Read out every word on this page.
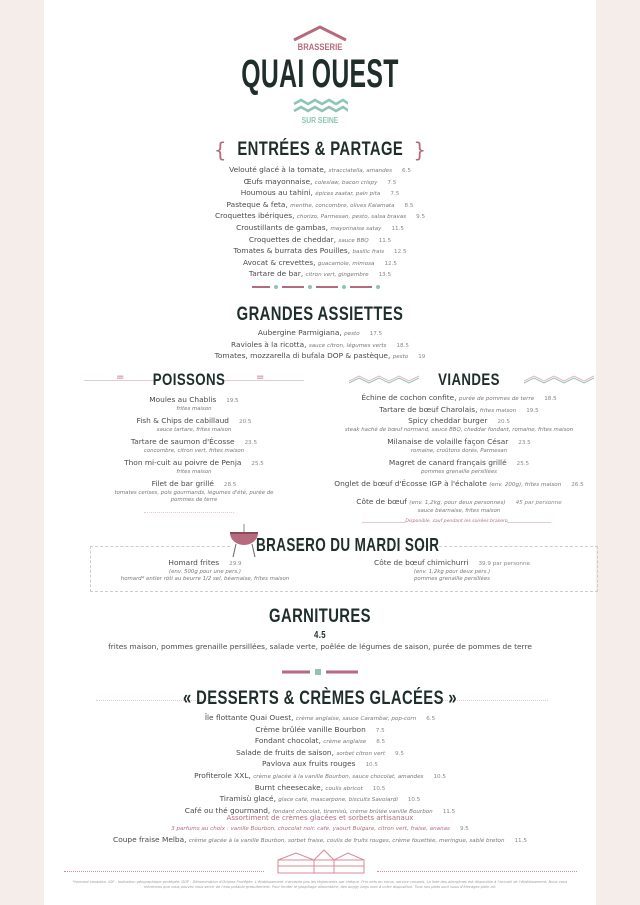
BRASSERIE
QUAI OUEST
SUR SEINE
{ ENTRÉES & PARTAGE }
Velouté glacé à la tomate, stracciatella, amandes 6.5
Œufs mayonnaise, coleslaw, bacon crispy 7.5
Houmous au tahini, épices zaatar, pain pita 7.5
Pasteque & feta, menthe, concombre, olives Kalamata 8.5
Croquettes ibériques, chorizo, Parmesan, pesto, salsa bravas 9.5
Croustillants de gambas, mayonnaise satay 11.5
Croquettes de cheddar, sauce BBQ 11.5
Tomates & burrata des Pouilles, basilic frais 12.5
Avocat & crevettes, guacamole, mimosa 12.5
Tartare de bar, citron vert, gingembre 13.5
GRANDES ASSIETTES
Aubergine Parmigiana, pesto 17.5
Ravioles à la ricotta, sauce citron, légumes verts 18.5
Tomates, mozzarella di bufala DOP & pastèque, pesto 19
=	=
POISSONS
Moules au Chablis 19.5
frites maison
Fish & Chips de cabillaud 20.5
sauce tartare, frites maison
Tartare de saumon d'Écosse 23.5
concombre, citron vert, frites maison
Thon mi-cuit au poivre de Penja 25.5
frites maison
Filet de bar grillé 28.5
tomates cerises, pois gourmands, légumes d'été, purée de pommes de terre
VIANDES
Échine de cochon confite, purée de pommes de terre 18.5
Tartare de bœuf Charolais, frites maison 19.5
Spicy cheddar burger 20.5
steak haché de bœuf normand, sauce BBQ, cheddar fondant, romaine, frites maison
Milanaise de volaille façon César 23.5
romaine, croûtons dorés, Parmesan
Magret de canard français grillé 25.5
pommes grenaille persillées
Onglet de bœuf d'Écosse IGP à l'échalote (env. 200g), frites maison 26.5
Côte de bœuf (env. 1,2kg, pour deux personnes) 45 par personne
sauce béarnaise, frites maison
Disponible, sauf pendant les soirées brasero
BRASERO DU MARDI SOIR
Homard frites 29.9
(env. 500g pour une pers.)
homard* entier rôti au beurre 1/2 sel, béarnaise, frites maison
Côte de bœuf chimichurri 39.9 par personne
(env. 1,2kg pour deux pers.)
pommes grenaille persillées
GARNITURES
4.5
frites maison, pommes grenaille persillées, salade verte, poêlée de légumes de saison, purée de pommes de terre
« DESSERTS & CRÈMES GLACÉES »
Île flottante Quai Ouest, crème anglaise, sauce Carambar, pop-corn 6.5
Crème brûlée vanille Bourbon 7.5
Fondant chocolat, crème anglaise 8.5
Salade de fruits de saison, sorbet citron vert 9.5
Pavlova aux fruits rouges 10.5
Profiterole XXL, crème glacée à la vanille Bourbon, sauce chocolat, amandes 10.5
Burnt cheesecake, coulis abricot 10.5
Tiramisù glacé, glace café, mascarpone, biscuits Savoiardi 10.5
Café ou thé gourmand, fondant chocolat, tiramisù, crème brûlée vanille Bourbon 11.5
Assortiment de crèmes glacées et sorbets artisanaux
3 parfums au choix : vanille Bourbon, chocolat noir, café, yaourt Bulgare, citron vert, fraise, ananas 9.5
Coupe fraise Melba, crème glacée à la vanille Bourbon, sorbet fraise, coulis de fruits rouges, crème fouettée, meringue, sablé breton 11.5
*homard canadien. IGP : Indication géographique protégée. DOP : Dénomination d'Origine Protégée. L'établissement n'accepte pas les règlements par chèque. Prix nets en euros, service compris. La liste des allergènes est disponible à l'accueil de l'établissement. Nous vous informons que vous pouvez vous servir de l'eau potable gratuitement. Pour limiter le gaspillage alimentaire, des doggy bags sont à votre disposition. Tous nos plats sont issus d'élevages plein air.
